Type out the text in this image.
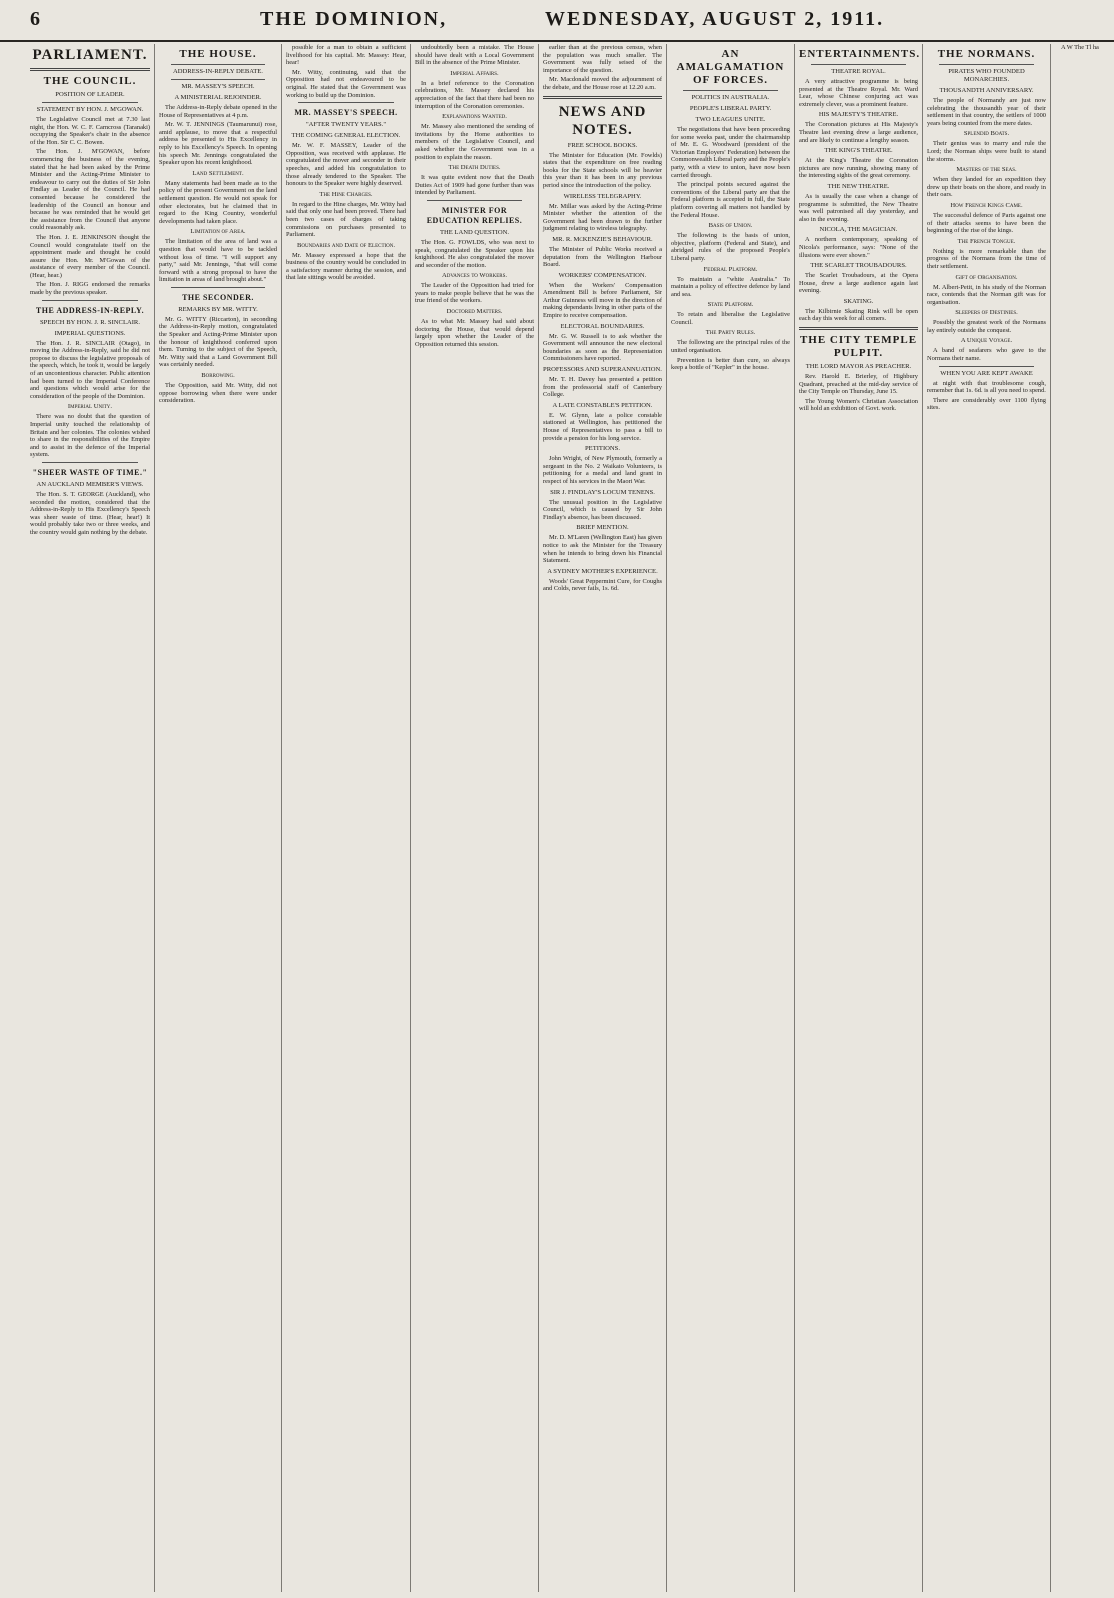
6	THE DOMINION,	WEDNESDAY, AUGUST 2, 1911.
PARLIAMENT.
THE COUNCIL.
POSITION OF LEADER.
STATEMENT BY HON. J. M'GOWAN.

The Legislative Council met at 7.30 last night, the Hon. W. C. F. Carncross (Taranaki) occupying the Speaker's chair in the absence of the Hon. Sir C. C. Bowen.

The Hon. J. M'GOWAN, before commencing the business of the evening, stated that he had been asked by the Prime Minister and the Acting-Prime Minister to endeavour to carry out the duties of Sir John Findlay as Leader of the Council. He had consented because he considered the leadership of the Council an honour and because he was reminded that he would get the assistance from the Council that anyone could reasonably ask.

The Hon. J. E. JENKINSON thought the Council would congratulate itself on the appointment made and thought he could assure the Hon. Mr. M'Gowan of the assistance of every member of the Council. (Hear, hear.)

The Hon. J. RIGG endorsed the remarks made by the previous speaker.

THE ADDRESS-IN-REPLY.
SPEECH BY HON. J. R. SINCLAIR.
IMPERIAL QUESTIONS.

The Hon. J. R. SINCLAIR (Otago), in moving the Address-in-Reply, said he did not propose to discuss the legislative proposals of the speech, which, he took it, would be largely of an uncontentious character. Public attention had been turned to the Imperial Conference and questions which would arise for the consideration of the people of the Dominion.

Imperial Unity.

There was no doubt that the question of Imperial unity touched the relationship of Britain and her colonies. The colonies wished to share in the responsibilities of the Empire and to assist in the defence of the Imperial system.

"SHEER WASTE OF TIME."
AN AUCKLAND MEMBER'S VIEWS.

The Hon. S. T. GEORGE (Auckland), who seconded the motion, considered that the Address-in-Reply to His Excellency's Speech was sheer waste of time. (Hear, hear!) It would probably take two or three weeks, and the country would gain nothing by the debate.

THE HOUSE.
ADDRESS-IN-REPLY DEBATE.
MR. MASSEY'S SPEECH.
A MINISTERIAL REJOINDER.

The Address-in-Reply debate opened in the House of Representatives at 4 p.m.

Mr. W. T. JENNINGS (Taumarunui) rose, amid applause, to move that a respectful address be presented to His Excellency in reply to his Excellency's Speech. In opening his speech Mr. Jennings congratulated the Speaker upon his recent knighthood.

Land Settlement.

Many statements had been made as to the policy of the present Government on the land settlement question. He would not speak for other electorates, but he claimed that in regard to the King Country, wonderful developments had taken place.

Limitation of Area.

The limitation of the area of land was a question that would have to be tackled without loss of time. "I will support any party," said Mr. Jennings, "that will come forward with a strong proposal to have the limitation in areas of land brought about."

THE SECONDER.
REMARKS BY MR. WITTY.

Mr. G. WITTY (Riccarton), in seconding the Address-in-Reply motion, congratulated the Speaker and Acting-Prime Minister upon the honour of knighthood conferred upon them. Turning to the subject of the Speech, Mr. Witty said that a Land Government Bill was certainly needed.

Borrowing.

The Opposition, said Mr. Witty, did not oppose borrowing when there were under consideration.

possible for a man to obtain a sufficient livelihood for his capital. Mr. Massey: Hear, hear!

Mr. Witty, continuing, said that the Opposition had not endeavoured to be original. He stated that the Government was working to build up the Dominion.

MR. MASSEY'S SPEECH.
"AFTER TWENTY YEARS."
THE COMING GENERAL ELECTION.

Mr. W. F. MASSEY, Leader of the Opposition, was received with applause. He congratulated the mover and seconder in their speeches, and added his congratulation to those already tendered to the Speaker. The honours to the Speaker were highly deserved.

The Hine Charges.

In regard to the Hine charges, Mr. Witty had said that only one had been proved. There had been two cases of charges of taking commissions on purchases presented to Parliament.

Boundaries and Date of Election.

Mr. Massey expressed a hope that the business of the country would be concluded in a satisfactory manner during the session, and that late sittings would be avoided.

undoubtedly been a mistake. The House should have dealt with a Local Government Bill in the absence of the Prime Minister.

Imperial Affairs.

In a brief reference to the Coronation celebrations, Mr. Massey declared his appreciation of the fact that there had been no interruption of the Coronation ceremonies.

Explanations Wanted.

Mr. Massey also mentioned the sending of invitations by the Home authorities to members of the Legislative Council, and asked whether the Government was in a position to explain the reason.

The Death Duties.

It was quite evident now that the Death Duties Act of 1909 had gone further than was intended by Parliament.

MINISTER FOR EDUCATION REPLIES.
THE LAND QUESTION.

The Hon. G. FOWLDS, who was next to speak, congratulated the Speaker upon his knighthood. He also congratulated the mover and seconder of the motion.

Advances to Workers.

The Leader of the Opposition had tried for years to make people believe that he was the true friend of the workers.

Doctored Matters.

As to what Mr. Massey had said about doctoring the House, that would depend largely upon whether the Leader of the Opposition returned this session.

earlier than at the previous census, when the population was much smaller. The Government was fully seised of the importance of the question.

Mr. Macdonald moved the adjournment of the debate, and the House rose at 12.20 a.m.

NEWS AND NOTES.
FREE SCHOOL BOOKS.

The Minister for Education (Mr. Fowlds) states that the expenditure on free reading books for the State schools will be heavier this year than it has been in any previous period since the introduction of the policy.

WIRELESS TELEGRAPHY.

Mr. Millar was asked by the Acting-Prime Minister whether the attention of the Government had been drawn to the further judgment relating to wireless telegraphy.

MR. R. McKENZIE'S BEHAVIOUR.

The Minister of Public Works received a deputation from the Wellington Harbour Board.

WORKERS' COMPENSATION.

When the Workers' Compensation Amendment Bill is before Parliament, Sir Arthur Guinness will move in the direction of making dependants living in other parts of the Empire to receive compensation.

ELECTORAL BOUNDARIES.

Mr. G. W. Russell is to ask whether the Government will announce the new electoral boundaries as soon as the Representation Commissioners have reported.

PROFESSORS AND SUPERANNUATION.

Mr. T. H. Davey has presented a petition from the professorial staff of Canterbury College.

A LATE CONSTABLE'S PETITION.

E. W. Glynn, late a police constable stationed at Wellington, has petitioned the House of Representatives to pass a bill to provide a pension for his long service.

PETITIONS.

John Wright, of New Plymouth, formerly a sergeant in the No. 2 Waikato Volunteers, is petitioning for a medal and land grant in respect of his services in the Maori War.

SIR J. FINDLAY'S LOCUM TENENS.

The unusual position in the Legislative Council, which is caused by Sir John Findlay's absence, has been discussed.

BRIEF MENTION.

Mr. D. M'Laren (Wellington East) has given notice to ask the Minister for the Treasury when he intends to bring down his Financial Statement.

A SYDNEY MOTHER'S EXPERIENCE.

Woods' Great Peppermint Cure, for Coughs and Colds, never fails, 1s. 6d.

AN AMALGAMATION OF FORCES.
POLITICS IN AUSTRALIA.
PEOPLE'S LIBERAL PARTY.
TWO LEAGUES UNITE.

The negotiations that have been proceeding for some weeks past, under the chairmanship of Mr. E. G. Woodward (president of the Victorian Employers' Federation) between the Commonwealth Liberal party and the People's party, with a view to union, have now been carried through.

The principal points secured against the conventions of the Liberal party are that the Federal platform is accepted in full, the State platform covering all matters not handled by the Federal House.

Basis of Union.

The following is the basis of union, objective, platform (Federal and State), and abridged rules of the proposed People's Liberal party.

Federal Platform.

To maintain a "white Australia." To maintain a policy of effective defence by land and sea.

State Platform.

To retain and liberalise the Legislative Council.

The Party Rules.

The following are the principal rules of the united organisation.

Prevention is better than cure, so always keep a bottle of "Kepler" in the house.

ENTERTAINMENTS.
THEATRE ROYAL.

A very attractive programme is being presented at the Theatre Royal. Mr. Ward Lear, whose Chinese conjuring act was extremely clever, was a prominent feature.

HIS MAJESTY'S THEATRE.

The Coronation pictures at His Majesty's Theatre last evening drew a large audience, and are likely to continue a lengthy season.

THE KING'S THEATRE.

At the King's Theatre the Coronation pictures are now running, showing many of the interesting sights of the great ceremony.

THE NEW THEATRE.

As is usually the case when a change of programme is submitted, the New Theatre was well patronised all day yesterday, and also in the evening.

NICOLA, THE MAGICIAN.

A northern contemporary, speaking of Nicola's performance, says: "None of the illusions were ever shown."

THE SCARLET TROUBADOURS.

The Scarlet Troubadours, at the Opera House, drew a large audience again last evening.

SKATING.

The Kilbirnie Skating Rink will be open each day this week for all comers.

THE CITY TEMPLE PULPIT.
THE LORD MAYOR AS PREACHER.

Rev. Harold E. Brierley, of Highbury Quadrant, preached at the mid-day service of the City Temple on Thursday, June 15.

The Young Women's Christian Association will hold an exhibition of Govt. work.

THE NORMANS.
PIRATES WHO FOUNDED MONARCHIES.
THOUSANDTH ANNIVERSARY.

The people of Normandy are just now celebrating the thousandth year of their settlement in that country, the settlers of 1000 years being counted from the mere dates.

Splendid Boats.

Their genius was to marry and rule the Lord; the Norman ships were built to stand the storms.

Masters of the Seas.

When they landed for an expedition they drew up their boats on the shore, and ready in their oars.

How French Kings Came.

The successful defence of Paris against one of their attacks seems to have been the beginning of the rise of the kings.

The French Tongue.

Nothing is more remarkable than the progress of the Normans from the time of their settlement.

Gift of Organisation.

M. Albert-Petit, in his study of the Norman race, contends that the Norman gift was for organisation.

Sleepers of Destinies.

Possibly the greatest work of the Normans lay entirely outside the conquest.

A Unique Voyage.

A band of seafarers who gave to the Normans their name.

WHEN YOU ARE KEPT AWAKE

at night with that troublesome cough, remember that 1s. 6d. is all you need to spend.

There are considerably over 1100 flying sites.

A W The Tl ha
